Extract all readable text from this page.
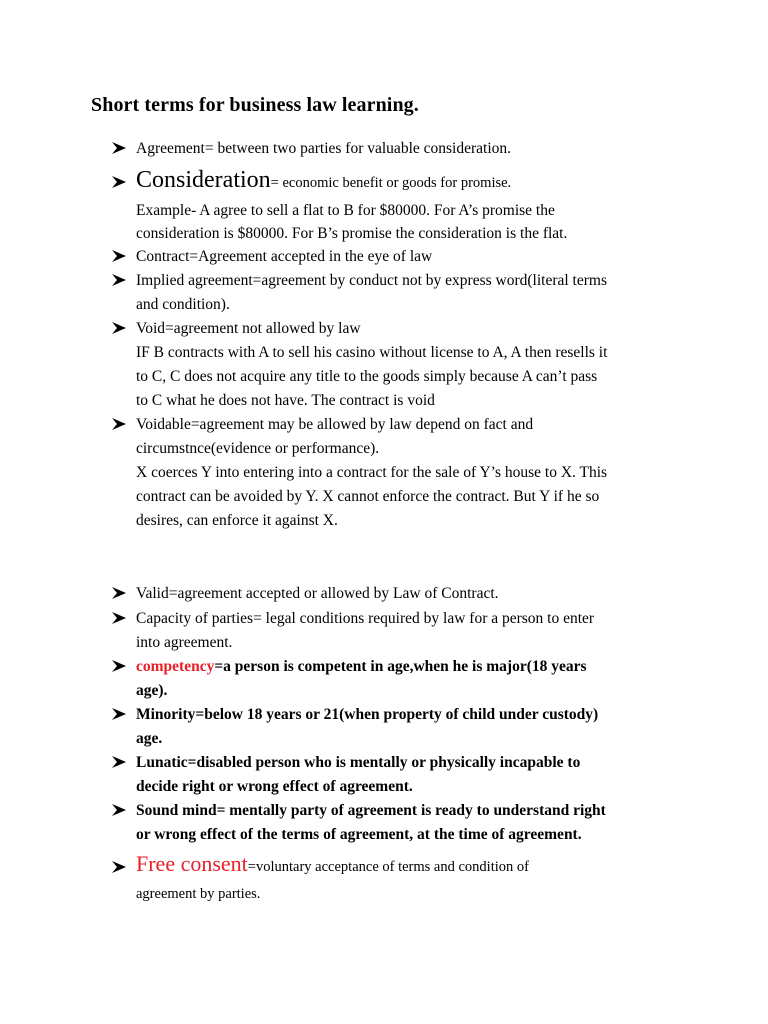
Short terms for business law learning.
Agreement= between two parties for valuable consideration.
Consideration= economic benefit or goods for promise.
Example- A agree to sell a flat to B for $80000. For A’s promise the
consideration is $80000. For B’s promise the consideration is the flat.
Contract=Agreement accepted in the eye of law
Implied agreement=agreement by conduct not by express word(literal terms
and condition).
Void=agreement not allowed by law
IF B contracts with A to sell his casino without license to A, A then resells it
to C, C does not acquire any title to the goods simply because A can’t pass
to C what he does not have. The contract is void
Voidable=agreement may be allowed by law depend on fact and
circumstnce(evidence or performance).
X coerces Y into entering into a contract for the sale of Y’s house to X. This
contract can be avoided by Y. X cannot enforce the contract. But Y if he so
desires, can enforce it against X.
Valid=agreement accepted or allowed by Law of Contract.
Capacity of parties= legal conditions required by law for a person to enter
into agreement.
competency=a person is competent in age,when he is major(18 years
age).
Minority=below 18 years or 21(when property of child under custody)
age.
Lunatic=disabled person who is mentally or physically incapable to
decide right or wrong effect of agreement.
Sound mind= mentally party of agreement is ready to understand right
or wrong effect of the terms of agreement, at the time of agreement.
Free consent=voluntary acceptance of terms and condition of
agreement by parties.
